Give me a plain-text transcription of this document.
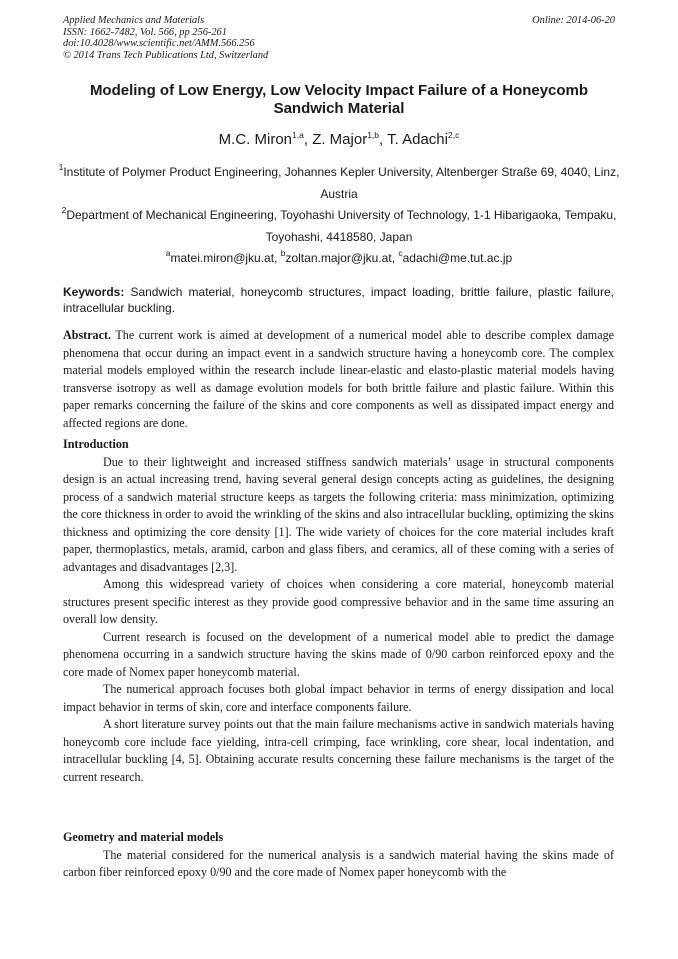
Applied Mechanics and Materials
ISSN: 1662-7482, Vol. 566, pp 256-261
doi:10.4028/www.scientific.net/AMM.566.256
© 2014 Trans Tech Publications Ltd, Switzerland
Online: 2014-06-20
Modeling of Low Energy, Low Velocity Impact Failure of a Honeycomb Sandwich Material
M.C. Miron$^{1,a}$, Z. Major$^{1,b}$, T. Adachi$^{2,c}$

$^1$Institute of Polymer Product Engineering, Johannes Kepler University, Altenberger Straße 69, 4040, Linz, Austria

$^2$Department of Mechanical Engineering, Toyohashi University of Technology, 1-1 Hibarigaoka, Tempaku, Toyohashi, 4418580, Japan

$^a$matei.miron@jku.at, $^b$zoltan.major@jku.at, $^c$adachi@me.tut.ac.jp

Keywords: Sandwich material, honeycomb structures, impact loading, brittle failure, plastic failure, intracellular buckling.

Abstract. The current work is aimed at development of a numerical model able to describe complex damage phenomena that occur during an impact event in a sandwich structure having a honeycomb core. The complex material models employed within the research include linear-elastic and elasto-plastic material models having transverse isotropy as well as damage evolution models for both brittle failure and plastic failure. Within this paper remarks concerning the failure of the skins and core components as well as dissipated impact energy and affected regions are done.

Introduction

Due to their lightweight and increased stiffness sandwich materials’ usage in structural components design is an actual increasing trend, having several general design concepts acting as guidelines, the designing process of a sandwich material structure keeps as targets the following criteria: mass minimization, optimizing the core thickness in order to avoid the wrinkling of the skins and also intracellular buckling, optimizing the skins thickness and optimizing the core density [1]. The wide variety of choices for the core material includes kraft paper, thermoplastics, metals, aramid, carbon and glass fibers, and ceramics, all of these coming with a series of advantages and disadvantages [2,3].

Among this widespread variety of choices when considering a core material, honeycomb material structures present specific interest as they provide good compressive behavior and in the same time assuring an overall low density.

Current research is focused on the development of a numerical model able to predict the damage phenomena occurring in a sandwich structure having the skins made of 0/90 carbon reinforced epoxy and the core made of Nomex paper honeycomb material.

The numerical approach focuses both global impact behavior in terms of energy dissipation and local impact behavior in terms of skin, core and interface components failure.

A short literature survey points out that the main failure mechanisms active in sandwich materials having honeycomb core include face yielding, intra-cell crimping, face wrinkling, core shear, local indentation, and intracellular buckling [4, 5]. Obtaining accurate results concerning these failure mechanisms is the target of the current research.

Geometry and material models

The material considered for the numerical analysis is a sandwich material having the skins made of carbon fiber reinforced epoxy 0/90 and the core made of Nomex paper honeycomb with the
